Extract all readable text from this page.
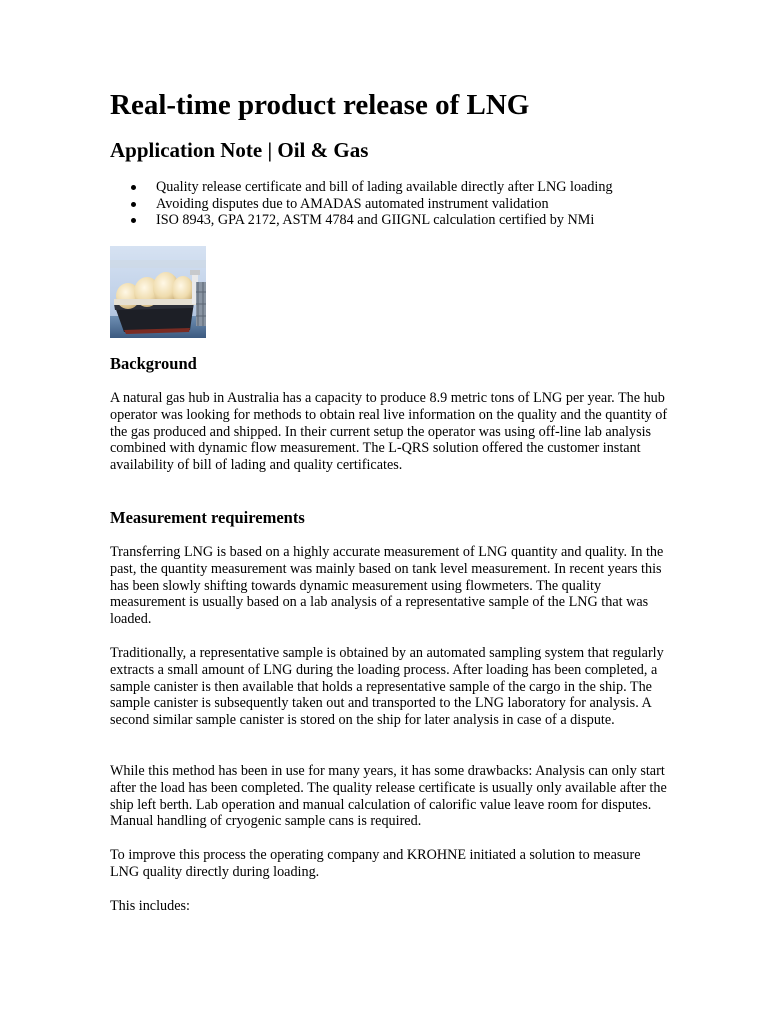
Real-time product release of LNG
Application Note | Oil & Gas
Quality release certificate and bill of lading available directly after LNG loading
Avoiding disputes due to AMADAS automated instrument validation
ISO 8943, GPA 2172, ASTM 4784 and GIIGNL calculation certified by NMi
Background

A natural gas hub in Australia has a capacity to produce 8.9 metric tons of LNG per year. The hub operator was looking for methods to obtain real live information on the quality and the quantity of the gas produced and shipped. In their current setup the operator was using off-line lab analysis combined with dynamic flow measurement. The L-QRS solution offered the customer instant availability of bill of lading and quality certificates.

Measurement requirements

Transferring LNG is based on a highly accurate measurement of LNG quantity and quality. In the past, the quantity measurement was mainly based on tank level measurement. In recent years this has been slowly shifting towards dynamic measurement using flowmeters. The quality measurement is usually based on a lab analysis of a representative sample of the LNG that was loaded.

Traditionally, a representative sample is obtained by an automated sampling system that regularly extracts a small amount of LNG during the loading process. After loading has been completed, a sample canister is then available that holds a representative sample of the cargo in the ship. The sample canister is subsequently taken out and transported to the LNG laboratory for analysis. A second similar sample canister is stored on the ship for later analysis in case of a dispute.

While this method has been in use for many years, it has some drawbacks: Analysis can only start after the load has been completed. The quality release certificate is usually only available after the ship left berth. Lab operation and manual calculation of calorific value leave room for disputes. Manual handling of cryogenic sample cans is required.

To improve this process the operating company and KROHNE initiated a solution to measure LNG quality directly during loading.

This includes:
